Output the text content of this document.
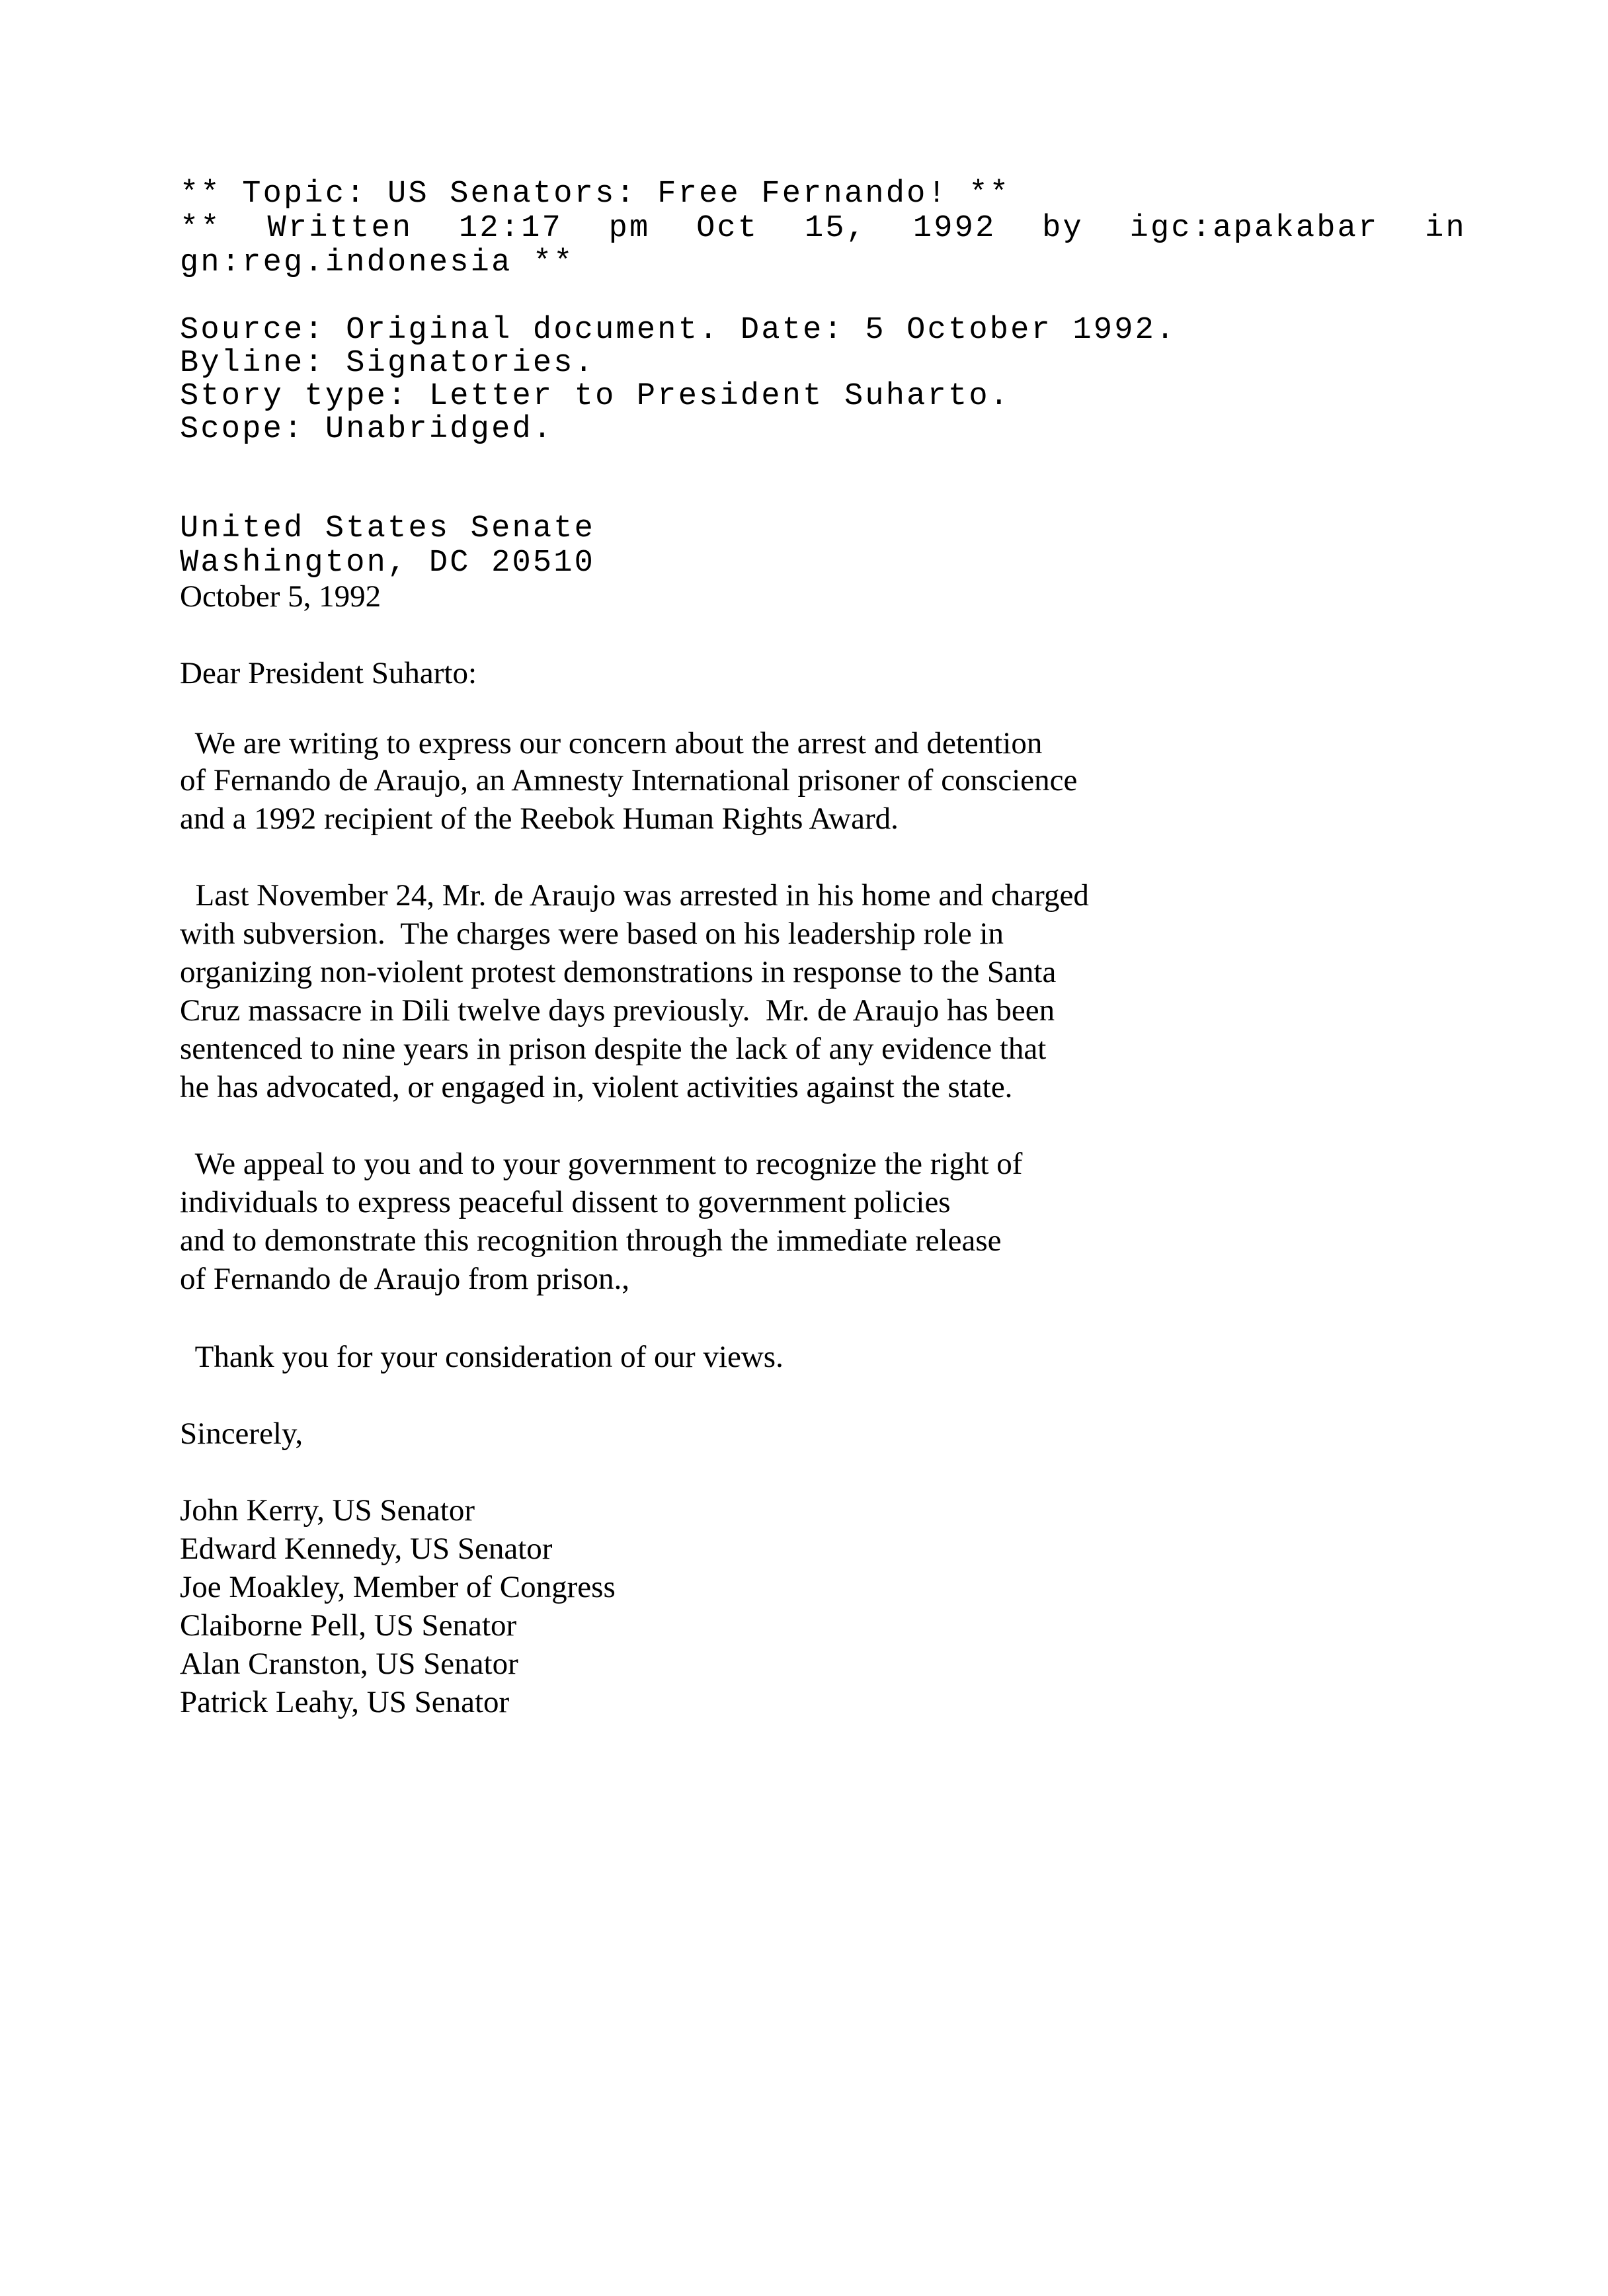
** Topic: US Senators: Free Fernando! **
** Written 12:17 pm Oct 15, 1992 by igc:apakabar in
gn:reg.indonesia **
Source: Original document. Date: 5 October 1992.
Byline: Signatories.
Story type: Letter to President Suharto.
Scope: Unabridged.
United States Senate
Washington, DC 20510
October 5, 1992
Dear President Suharto:
We are writing to express our concern about the arrest and detention
of Fernando de Araujo, an Amnesty International prisoner of conscience
and a 1992 recipient of the Reebok Human Rights Award.
Last November 24, Mr. de Araujo was arrested in his home and charged
with subversion.  The charges were based on his leadership role in
organizing non-violent protest demonstrations in response to the Santa
Cruz massacre in Dili twelve days previously.  Mr. de Araujo has been
sentenced to nine years in prison despite the lack of any evidence that
he has advocated, or engaged in, violent activities against the state.
We appeal to you and to your government to recognize the right of
individuals to express peaceful dissent to government policies
and to demonstrate this recognition through the immediate release
of Fernando de Araujo from prison.,
Thank you for your consideration of our views.
Sincerely,
John Kerry, US Senator
Edward Kennedy, US Senator
Joe Moakley, Member of Congress
Claiborne Pell, US Senator
Alan Cranston, US Senator
Patrick Leahy, US Senator
